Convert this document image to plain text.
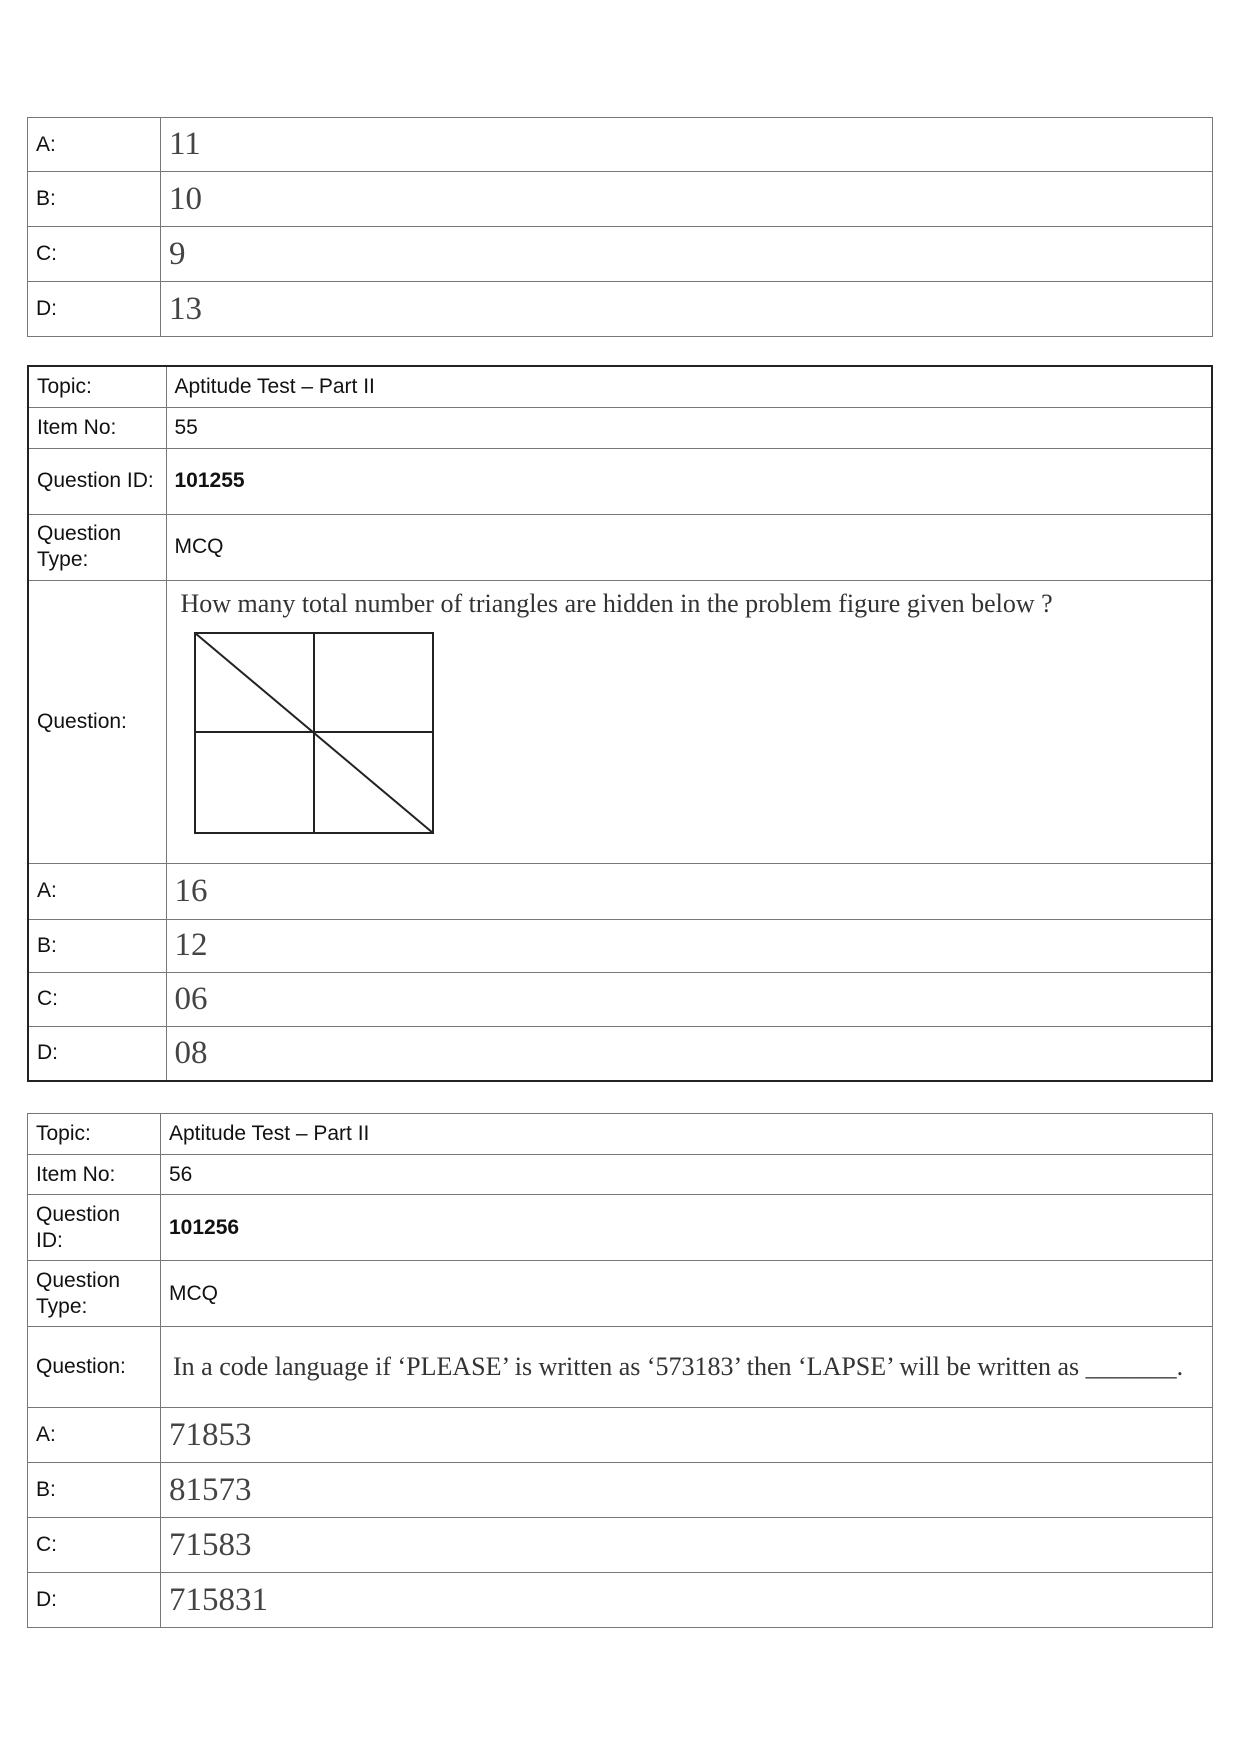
A:	11
B:	10
C:	9
D:	13
Topic:	Aptitude Test – Part II
Item No:	55
Question ID:	101255
Question Type:	MCQ
Question:	How many total number of triangles are hidden in the problem figure given below ?

A:	16
B:	12
C:	06
D:	08
Topic:	Aptitude Test – Part II
Item No:	56
Question ID:	101256
Question Type:	MCQ
Question:	In a code language if ‘PLEASE’ is written as ‘573183’ then ‘LAPSE’ will be written as _______.

A:	71853
B:	81573
C:	71583
D:	715831
